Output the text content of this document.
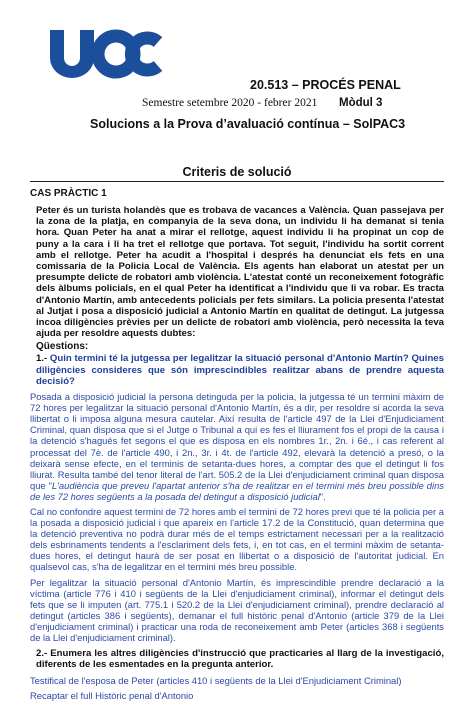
20.513 – PROCÉS PENAL
Semestre setembre 2020 - febrer 2021 Mòdul 3
Solucions a la Prova d’avaluació contínua – SolPAC3
Criteris de solució
CAS PRÀCTIC 1

Peter és un turista holandès que es trobava de vacances a València. Quan passejava per la zona de la platja, en companyia de la seva dona, un individu li ha demanat si tenia hora. Quan Peter ha anat a mirar el rellotge, aquest individu li ha propinat un cop de puny a la cara i li ha tret el rellotge que portava. Tot seguit, l'individu ha sortit corrent amb el rellotge. Peter ha acudit a l'hospital i després ha denunciat els fets en una comissaria de la Policia Local de València. Els agents han elaborat un atestat per un presumpte delicte de robatori amb violència. L'atestat conté un reconeixement fotogràfic dels àlbums policials, en el qual Peter ha identificat a l'individu que li va robar. Es tracta d'Antonio Martín, amb antecedents policials per fets similars. La policia presenta l'atestat al Jutjat i posa a disposició judicial a Antonio Martín en qualitat de detingut. La jutgessa incoa diligències prèvies per un delicte de robatori amb violència, però necessita la teva ajuda per resoldre aquests dubtes:

Qüestions:

1.- Quin termini té la jutgessa per legalitzar la situació personal d'Antonio Martín? Quines diligències consideres que són imprescindibles realitzar abans de prendre aquesta decisió?

Posada a disposició judicial la persona detinguda per la policia, la jutgessa té un termini màxim de 72 hores per legalitzar la situació personal d'Antonio Martín, és a dir, per resoldre si acorda la seva llibertat o li imposa alguna mesura cautelar. Així resulta de l'article 497 de la Llei d'Enjudiciament Criminal, quan disposa que si el Jutge o Tribunal a qui es fes el lliurament fos el propi de la causa i la detenció s'hagués fet segons el que es disposa en els nombres 1r., 2n. i 6é., i cas referent al processat del 7è. de l'article 490, i 2n., 3r. i 4t. de l'article 492, elevarà la detenció a presó, o la deixarà sense efecte, en el terminis de setanta-dues hores, a comptar des que el detingut li fos lliurat. Resulta també del tenor literal de l'art. 505.2 de la Llei d'enjudiciament criminal quan disposa que "L'audiència que preveu l'apartat anterior s'ha de realitzar en el termini més breu possible dins de les 72 hores següents a la posada del detingut a disposició judicial".

Cal no confondre aquest termini de 72 hores amb el termini de 72 hores previ que té la policia per a la posada a disposició judicial i que apareix en l'article 17.2 de la Constitució, quan determina que la detenció preventiva no podrà durar més de el temps estrictament necessari per a la realització dels esbrinaments tendents a l'esclariment dels fets, i, en tot cas, en el termini màxim de setanta-dues hores, el detingut haurà de ser posat en llibertat o a disposició de l'autoritat judicial. En qualsevol cas, s'ha de legalitzar en el termini més breu possible.

Per legalitzar la situació personal d'Antonio Martín, és imprescindible prendre declaració a la víctima (article 776 i 410 i següents de la Llei d'enjudiciament criminal), informar el detingut dels fets que se li imputen (art. 775.1 i 520.2 de la Llei d'enjudiciament criminal), prendre declaració al detingut (articles 386 i següents), demanar el full històric penal d'Antonio (article 379 de la Llei d'enjudiciament criminal) i practicar una roda de reconeixement amb Peter (articles 368 i següents de la Llei d'enjudiciament criminal).

2.- Enumera les altres diligències d'instrucció que practicaries al llarg de la investigació, diferents de les esmentades en la pregunta anterior.

Testifical de l'esposa de Peter (articles 410 i següents de la Llei d'Enjudiciament Criminal)

Recaptar el full Històric penal d'Antonio
